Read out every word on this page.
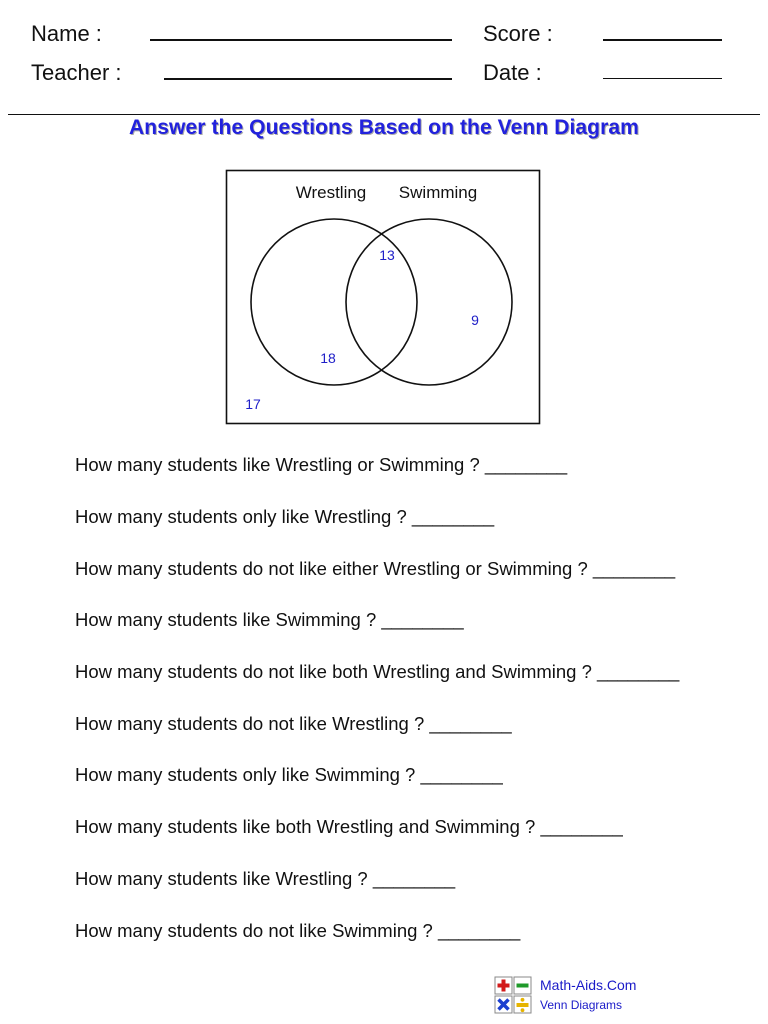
Name :	Score :
Teacher :	Date :
Answer the Questions Based on the Venn Diagram
Wrestling Swimming
13
18
9
17
How many students like Wrestling or Swimming ? ________
How many students only like Wrestling ? ________
How many students do not like either Wrestling or Swimming ? ________
How many students like Swimming ? ________
How many students do not like both Wrestling and Swimming ? ________
How many students do not like Wrestling ? ________
How many students only like Swimming ? ________
How many students like both Wrestling and Swimming ? ________
How many students like Wrestling ? ________
How many students do not like Swimming ? ________
Math-Aids.Com
Venn Diagrams
